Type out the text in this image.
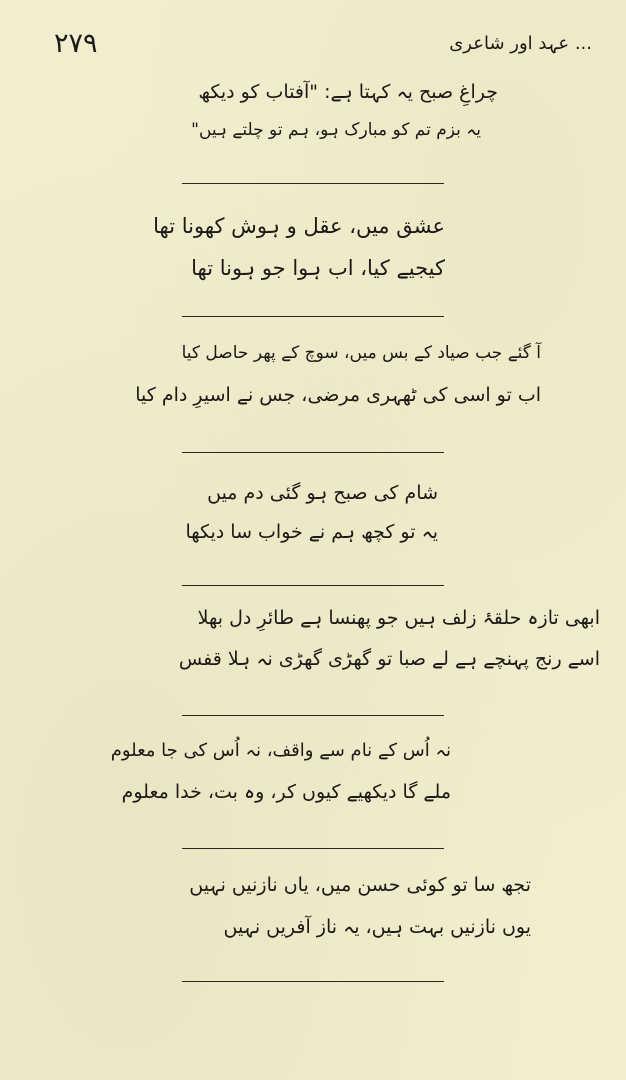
۲۷۹	... عہد اور شاعری
چراغِ صبح یہ کہتا ہے: "آفتاب کو دیکھ
یہ بزم تم کو مبارک ہو، ہم تو چلتے ہیں"
عشق میں، عقل و ہوش کھونا تھا
کیجیے کیا، اب ہوا جو ہونا تھا
آ گئے جب صیاد کے بس میں، سوچ کے پھر حاصل کیا
اب تو اسی کی ٹھہری مرضی، جس نے اسیرِ دام کیا
شام کی صبح ہو گئی دم میں
یہ تو کچھ ہم نے خواب سا دیکھا
ابھی تازہ حلقۂ زلف ہیں جو پھنسا ہے طائرِ دل بھلا
اسے رنج پہنچے ہے لے صبا تو گھڑی گھڑی نہ ہلا قفس
نہ اُس کے نام سے واقف، نہ اُس کی جا معلوم
ملے گا دیکھیے کیوں کر، وہ بت، خدا معلوم
تجھ سا تو کوئی حسن میں، یاں نازنیں نہیں
یوں نازنیں بہت ہیں، یہ ناز آفریں نہیں
